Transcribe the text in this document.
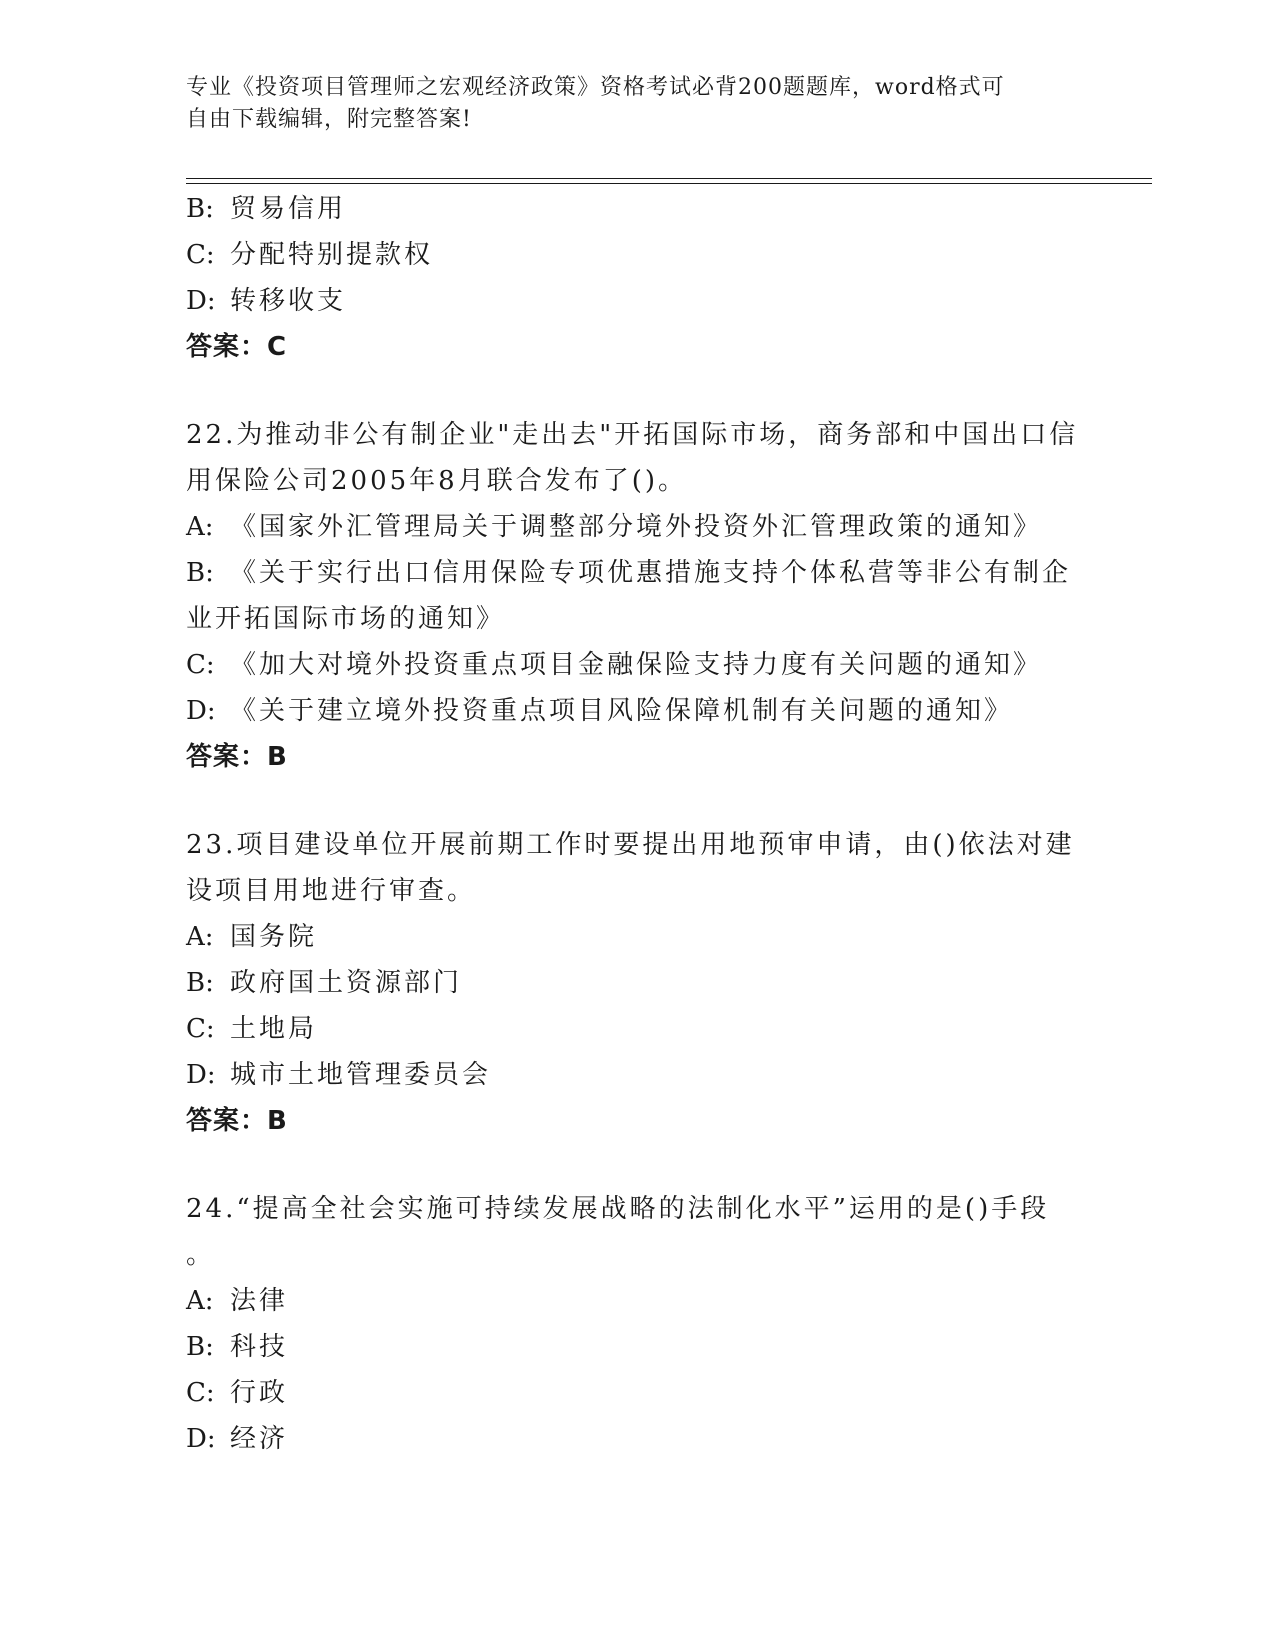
专业《投资项目管理师之宏观经济政策》资格考试必背200题题库，word格式可
自由下载编辑，附完整答案!
B: 贸易信用
C: 分配特别提款权
D: 转移收支
答案：C
22.为推动非公有制企业"走出去"开拓国际市场，商务部和中国出口信
用保险公司2005年8月联合发布了()。
A: 《国家外汇管理局关于调整部分境外投资外汇管理政策的通知》
B: 《关于实行出口信用保险专项优惠措施支持个体私营等非公有制企
业开拓国际市场的通知》
C: 《加大对境外投资重点项目金融保险支持力度有关问题的通知》
D: 《关于建立境外投资重点项目风险保障机制有关问题的通知》
答案：B
23.项目建设单位开展前期工作时要提出用地预审申请，由()依法对建
设项目用地进行审查。
A: 国务院
B: 政府国土资源部门
C: 土地局
D: 城市土地管理委员会
答案：B
24.“提高全社会实施可持续发展战略的法制化水平”运用的是()手段
。
A: 法律
B: 科技
C: 行政
D: 经济
